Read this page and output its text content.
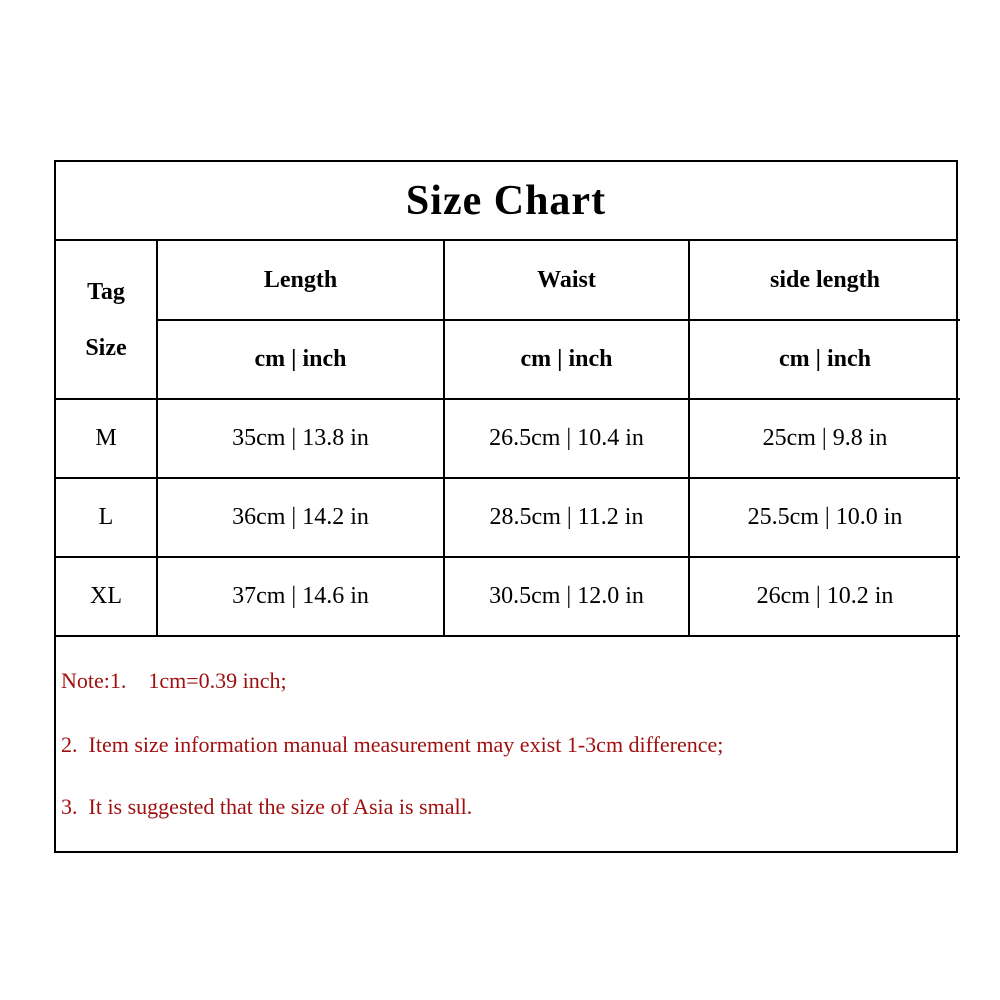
Size Chart
Tag
Size	Length	Waist	side length
	cm | inch	cm | inch	cm | inch
M	35cm | 13.8 in	26.5cm | 10.4 in	25cm | 9.8 in
L	36cm | 14.2 in	28.5cm | 11.2 in	25.5cm | 10.0 in
XL	37cm | 14.6 in	30.5cm | 12.0 in	26cm | 10.2 in
Note:1.    1cm=0.39 inch;
2.  Item size information manual measurement may exist 1-3cm difference;
3.  It is suggested that the size of Asia is small.
